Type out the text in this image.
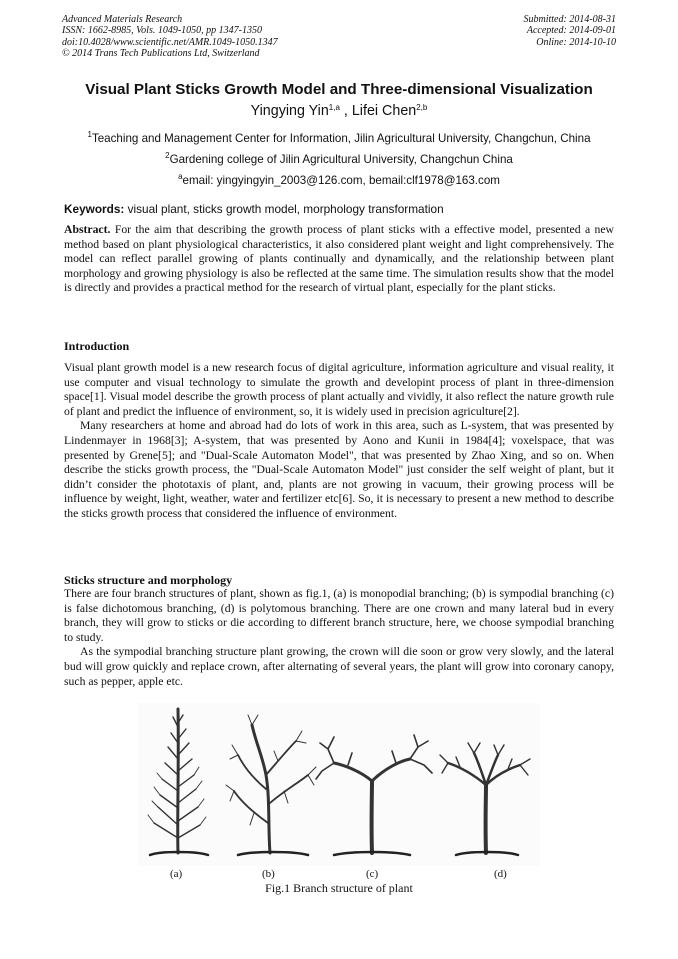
Advanced Materials Research
ISSN: 1662-8985, Vols. 1049-1050, pp 1347-1350
doi:10.4028/www.scientific.net/AMR.1049-1050.1347
© 2014 Trans Tech Publications Ltd, Switzerland
Submitted: 2014-08-31
Accepted: 2014-09-01
Online: 2014-10-10
Visual Plant Sticks Growth Model and Three-dimensional Visualization
Yingying Yin$^{1,a}$ , Lifei Chen$^{2,b}$
$^1$Teaching and Management Center for Information, Jilin Agricultural University, Changchun, China
$^2$Gardening college of Jilin Agricultural University, Changchun China
$^a$email: yingyingyin_2003@126.com, bemail:clf1978@163.com
Keywords: visual plant, sticks growth model, morphology transformation

Abstract. For the aim that describing the growth process of plant sticks with a effective model, presented a new method based on plant physiological characteristics, it also considered plant weight and light comprehensively. The model can reflect parallel growing of plants continually and dynamically, and the relationship between plant morphology and growing physiology is also be reflected at the same time. The simulation results show that the model is directly and provides a practical method for the research of virtual plant, especially for the plant sticks.

Introduction

Visual plant growth model is a new research focus of digital agriculture, information agriculture and visual reality, it use computer and visual technology to simulate the growth and developint process of plant in three-dimension space[1]. Visual model describe the growth process of plant actually and vividly, it also reflect the nature growth rule of plant and predict the influence of environment, so, it is widely used in precision agriculture[2].

Many researchers at home and abroad had do lots of work in this area, such as L-system, that was presented by Lindenmayer in 1968[3]; A-system, that was presented by Aono and Kunii in 1984[4]; voxelspace, that was presented by Grene[5]; and "Dual-Scale Automaton Model", that was presented by Zhao Xing, and so on. When describe the sticks growth process, the "Dual-Scale Automaton Model" just consider the self weight of plant, but it didn’t consider the phototaxis of plant, and, plants are not growing in vacuum, their growing process will be influence by weight, light, weather, water and fertilizer etc[6]. So, it is necessary to present a new method to describe the sticks growth process that considered the influence of environment.

Sticks structure and morphology

There are four branch structures of plant, shown as fig.1, (a) is monopodial branching; (b) is sympodial branching (c) is false dichotomous branching, (d) is polytomous branching. There are one crown and many lateral bud in every branch, they will grow to sticks or die according to different branch structure, here, we choose sympodial branching to study.

As the sympodial branching structure plant growing, the crown will die soon or grow very slowly, and the lateral bud will grow quickly and replace crown, after alternating of several years, the plant will grow into coronary canopy, such as pepper, apple etc.

(a)	(b)	(c)	(d)
Fig.1 Branch structure of plant
